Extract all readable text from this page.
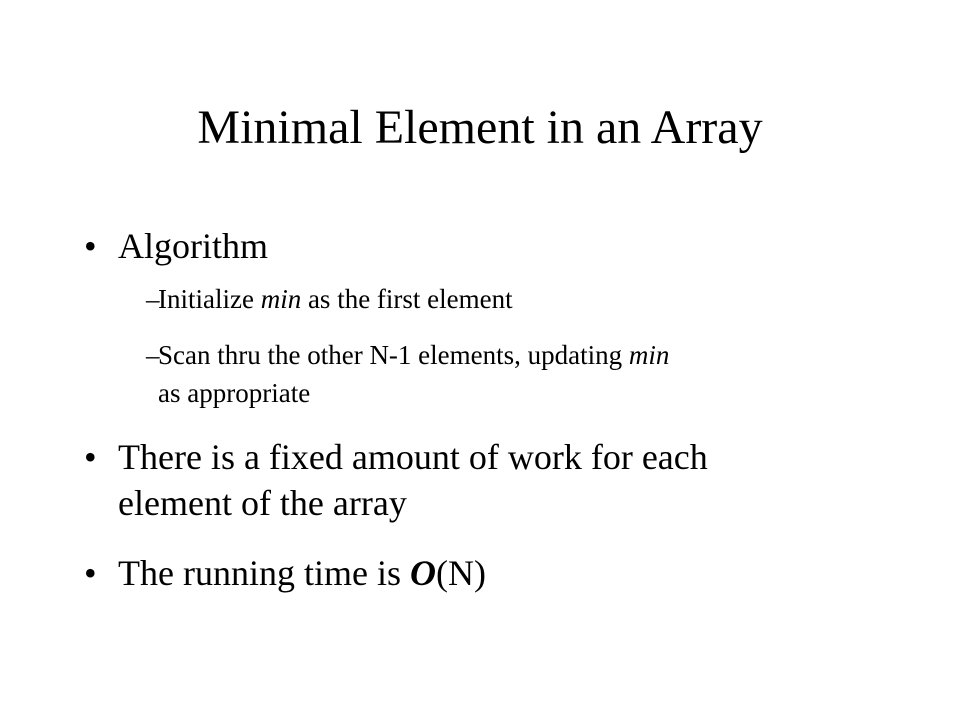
Minimal Element in an Array
• Algorithm
–
Initialize min as the first element
–
Scan thru the other N-1 elements, updating min
as appropriate
• There is a fixed amount of work for each
element of the array
• The running time is O(N)
